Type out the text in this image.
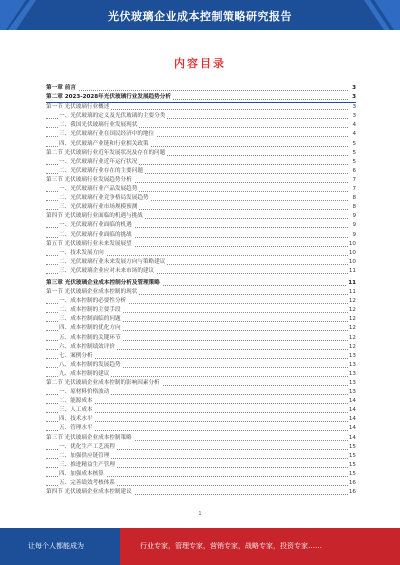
光伏玻璃企业成本控制策略研究报告
内容目录
第一章 前言	3
第二章 2023-2028年光伏玻璃行业发展趋势分析	3
第一节 光伏玻璃行业概述	3
一、光伏玻璃的定义及光伏玻璃的主要分类	3
二、我国光伏玻璃行业发展现状	4
三、光伏玻璃行业在国民经济中的地位	4
四、光伏玻璃产业链和行业相关政策	5
第二节 光伏玻璃行业近年发展状况及存在的问题	5
一、光伏玻璃行业近年运行状况	5
二、光伏玻璃行业存在的主要问题	6
第三节 光伏玻璃行业发展趋势分析	7
一、光伏玻璃行业产品发展趋势	7
二、光伏玻璃行业竞争格局发展趋势	8
三、光伏玻璃行业市场规模预测	8
第四节 光伏玻璃行业面临的机遇与挑战	9
一、光伏玻璃行业面临的机遇	9
二、光伏玻璃行业面临的挑战	9
第五节 光伏玻璃行业未来发展展望	10
一、技术发展方向	10
二、光伏玻璃行业未来发展方向与策略建议	10
三、光伏玻璃企业应对未来市场的建议	11
第三章 光伏玻璃企业成本控制分析及管理策略	11
第一节 光伏玻璃企业成本控制的现状	11
一、成本控制的必要性分析	12
二、成本控制的主要手段	12
三、成本控制面临的问题	12
四、成本控制的优化方向	12
五、成本控制的关键环节	12
六、成本控制绩效评价	12
七、案例分析	13
八、成本控制的发展趋势	13
九、成本控制的建议	13
第二节 光伏玻璃企业成本控制的影响因素分析	13
一、原材料价格波动	13
二、能源成本	14
三、人工成本	14
四、技术水平	14
五、管理水平	14
第三节 光伏玻璃企业成本控制策略	14
一、优化生产工艺流程	15
二、加强供应链管理	15
三、推进精益生产管理	15
四、加强成本核算	15
五、完善绩效考核体系	16
第四节 光伏玻璃企业成本控制建议	16
1
让每个人都能成为	行业专家，管理专家，营销专家，战略专家，投资专家……
